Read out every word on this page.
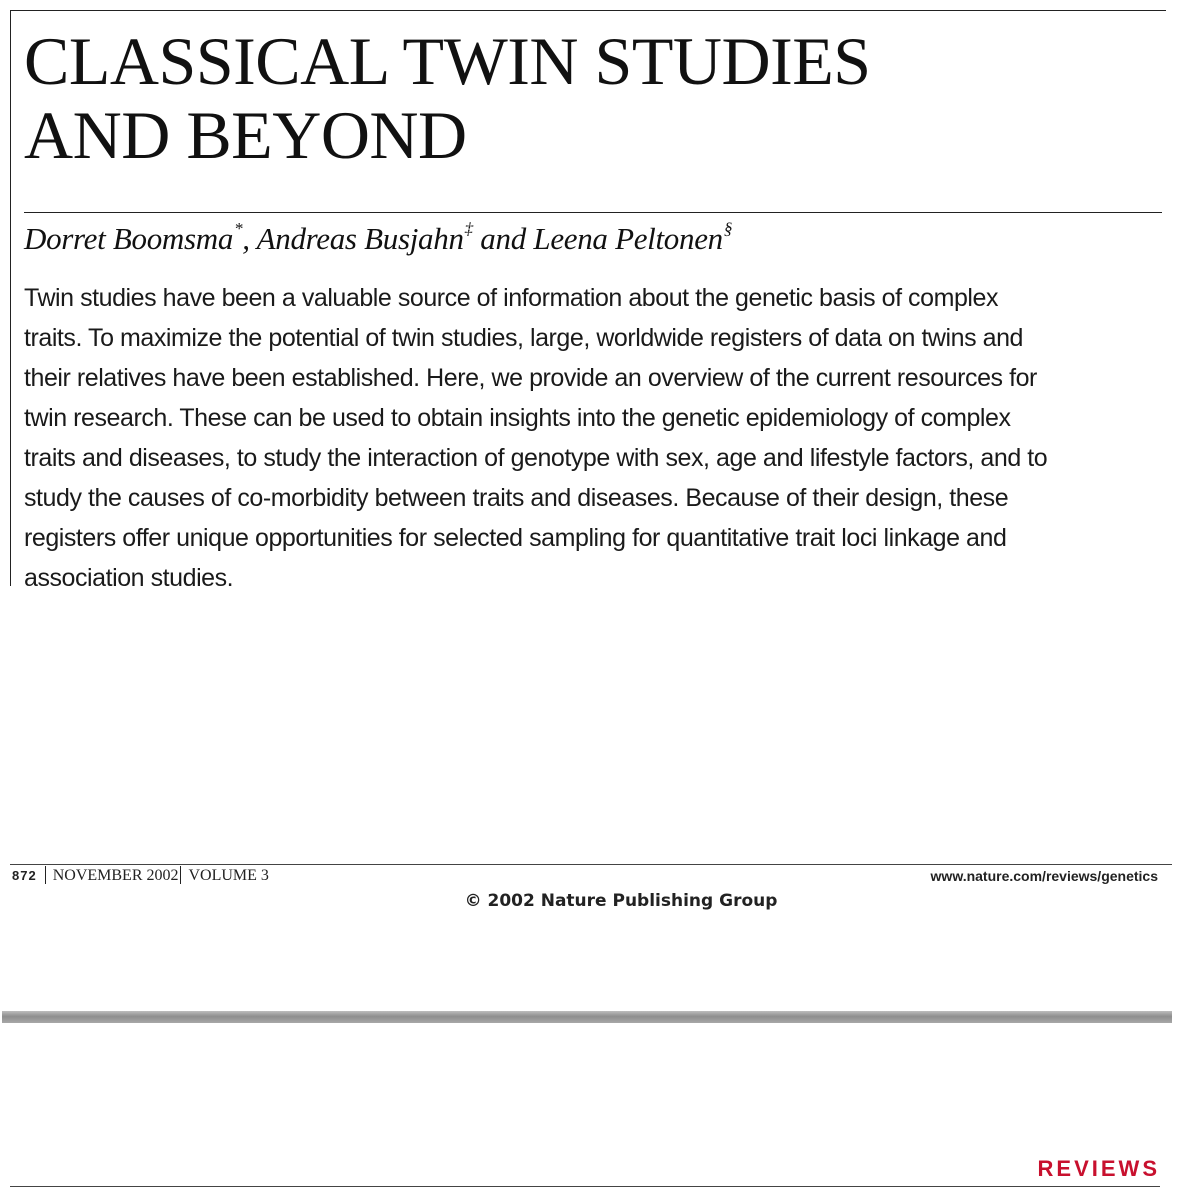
CLASSICAL TWIN STUDIES
AND BEYOND

Dorret Boomsma*, Andreas Busjahn‡ and Leena Peltonen§

Twin studies have been a valuable source of information about the genetic basis of complex
traits. To maximize the potential of twin studies, large, worldwide registers of data on twins and
their relatives have been established. Here, we provide an overview of the current resources for
twin research. These can be used to obtain insights into the genetic epidemiology of complex
traits and diseases, to study the interaction of genotype with sex, age and lifestyle factors, and to
study the causes of co-morbidity between traits and diseases. Because of their design, these
registers offer unique opportunities for selected sampling for quantitative trait loci linkage and
association studies.
872 NOVEMBER 2002 VOLUME 3	www.nature.com/reviews/genetics
© 2002 Nature Publishing Group
REVIEWS
